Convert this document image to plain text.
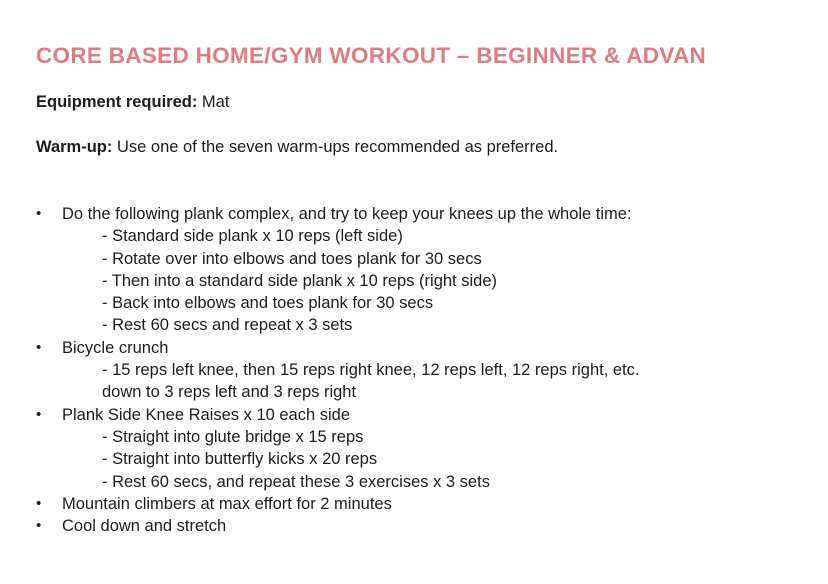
CORE BASED HOME/GYM WORKOUT – BEGINNER & ADVAN
Equipment required: Mat
Warm-up: Use one of the seven warm-ups recommended as preferred.
• Do the following plank complex, and try to keep your knees up the whole time:
- Standard side plank x 10 reps (left side)
- Rotate over into elbows and toes plank for 30 secs
- Then into a standard side plank x 10 reps (right side)
- Back into elbows and toes plank for 30 secs
- Rest 60 secs and repeat x 3 sets
• Bicycle crunch
- 15 reps left knee, then 15 reps right knee, 12 reps left, 12 reps right, etc.
down to 3 reps left and 3 reps right
• Plank Side Knee Raises x 10 each side
- Straight into glute bridge x 15 reps
- Straight into butterfly kicks x 20 reps
- Rest 60 secs, and repeat these 3 exercises x 3 sets
• Mountain climbers at max effort for 2 minutes
• Cool down and stretch
